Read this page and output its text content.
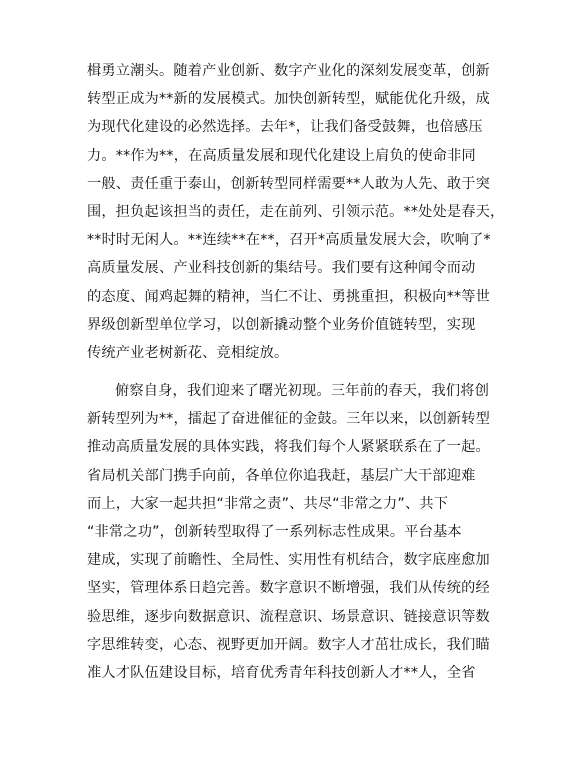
楫勇立潮头。随着产业创新、数字产业化的深刻发展变革，创新
转型正成为**新的发展模式。加快创新转型，赋能优化升级，成
为现代化建设的必然选择。去年*，让我们备受鼓舞，也倍感压
力。**作为**，在高质量发展和现代化建设上肩负的使命非同
一般、责任重于泰山，创新转型同样需要**人敢为人先、敢于突
围，担负起该担当的责任，走在前列、引领示范。**处处是春天，
**时时无闲人。**连续**在**，召开*高质量发展大会，吹响了*
高质量发展、产业科技创新的集结号。我们要有这种闻令而动
的态度、闻鸡起舞的精神，当仁不让、勇挑重担，积极向**等世
界级创新型单位学习，以创新撬动整个业务价值链转型，实现
传统产业老树新花、竞相绽放。
俯察自身，我们迎来了曙光初现。三年前的春天，我们将创
新转型列为**，擂起了奋进催征的金鼓。三年以来，以创新转型
推动高质量发展的具体实践，将我们每个人紧紧联系在了一起。
省局机关部门携手向前，各单位你追我赶，基层广大干部迎难
而上，大家一起共担“非常之责”、共尽“非常之力”、共下
“非常之功”，创新转型取得了一系列标志性成果。平台基本
建成，实现了前瞻性、全局性、实用性有机结合，数字底座愈加
坚实，管理体系日趋完善。数字意识不断增强，我们从传统的经
验思维，逐步向数据意识、流程意识、场景意识、链接意识等数
字思维转变，心态、视野更加开阔。数字人才茁壮成长，我们瞄
准人才队伍建设目标，培育优秀青年科技创新人才**人，全省
